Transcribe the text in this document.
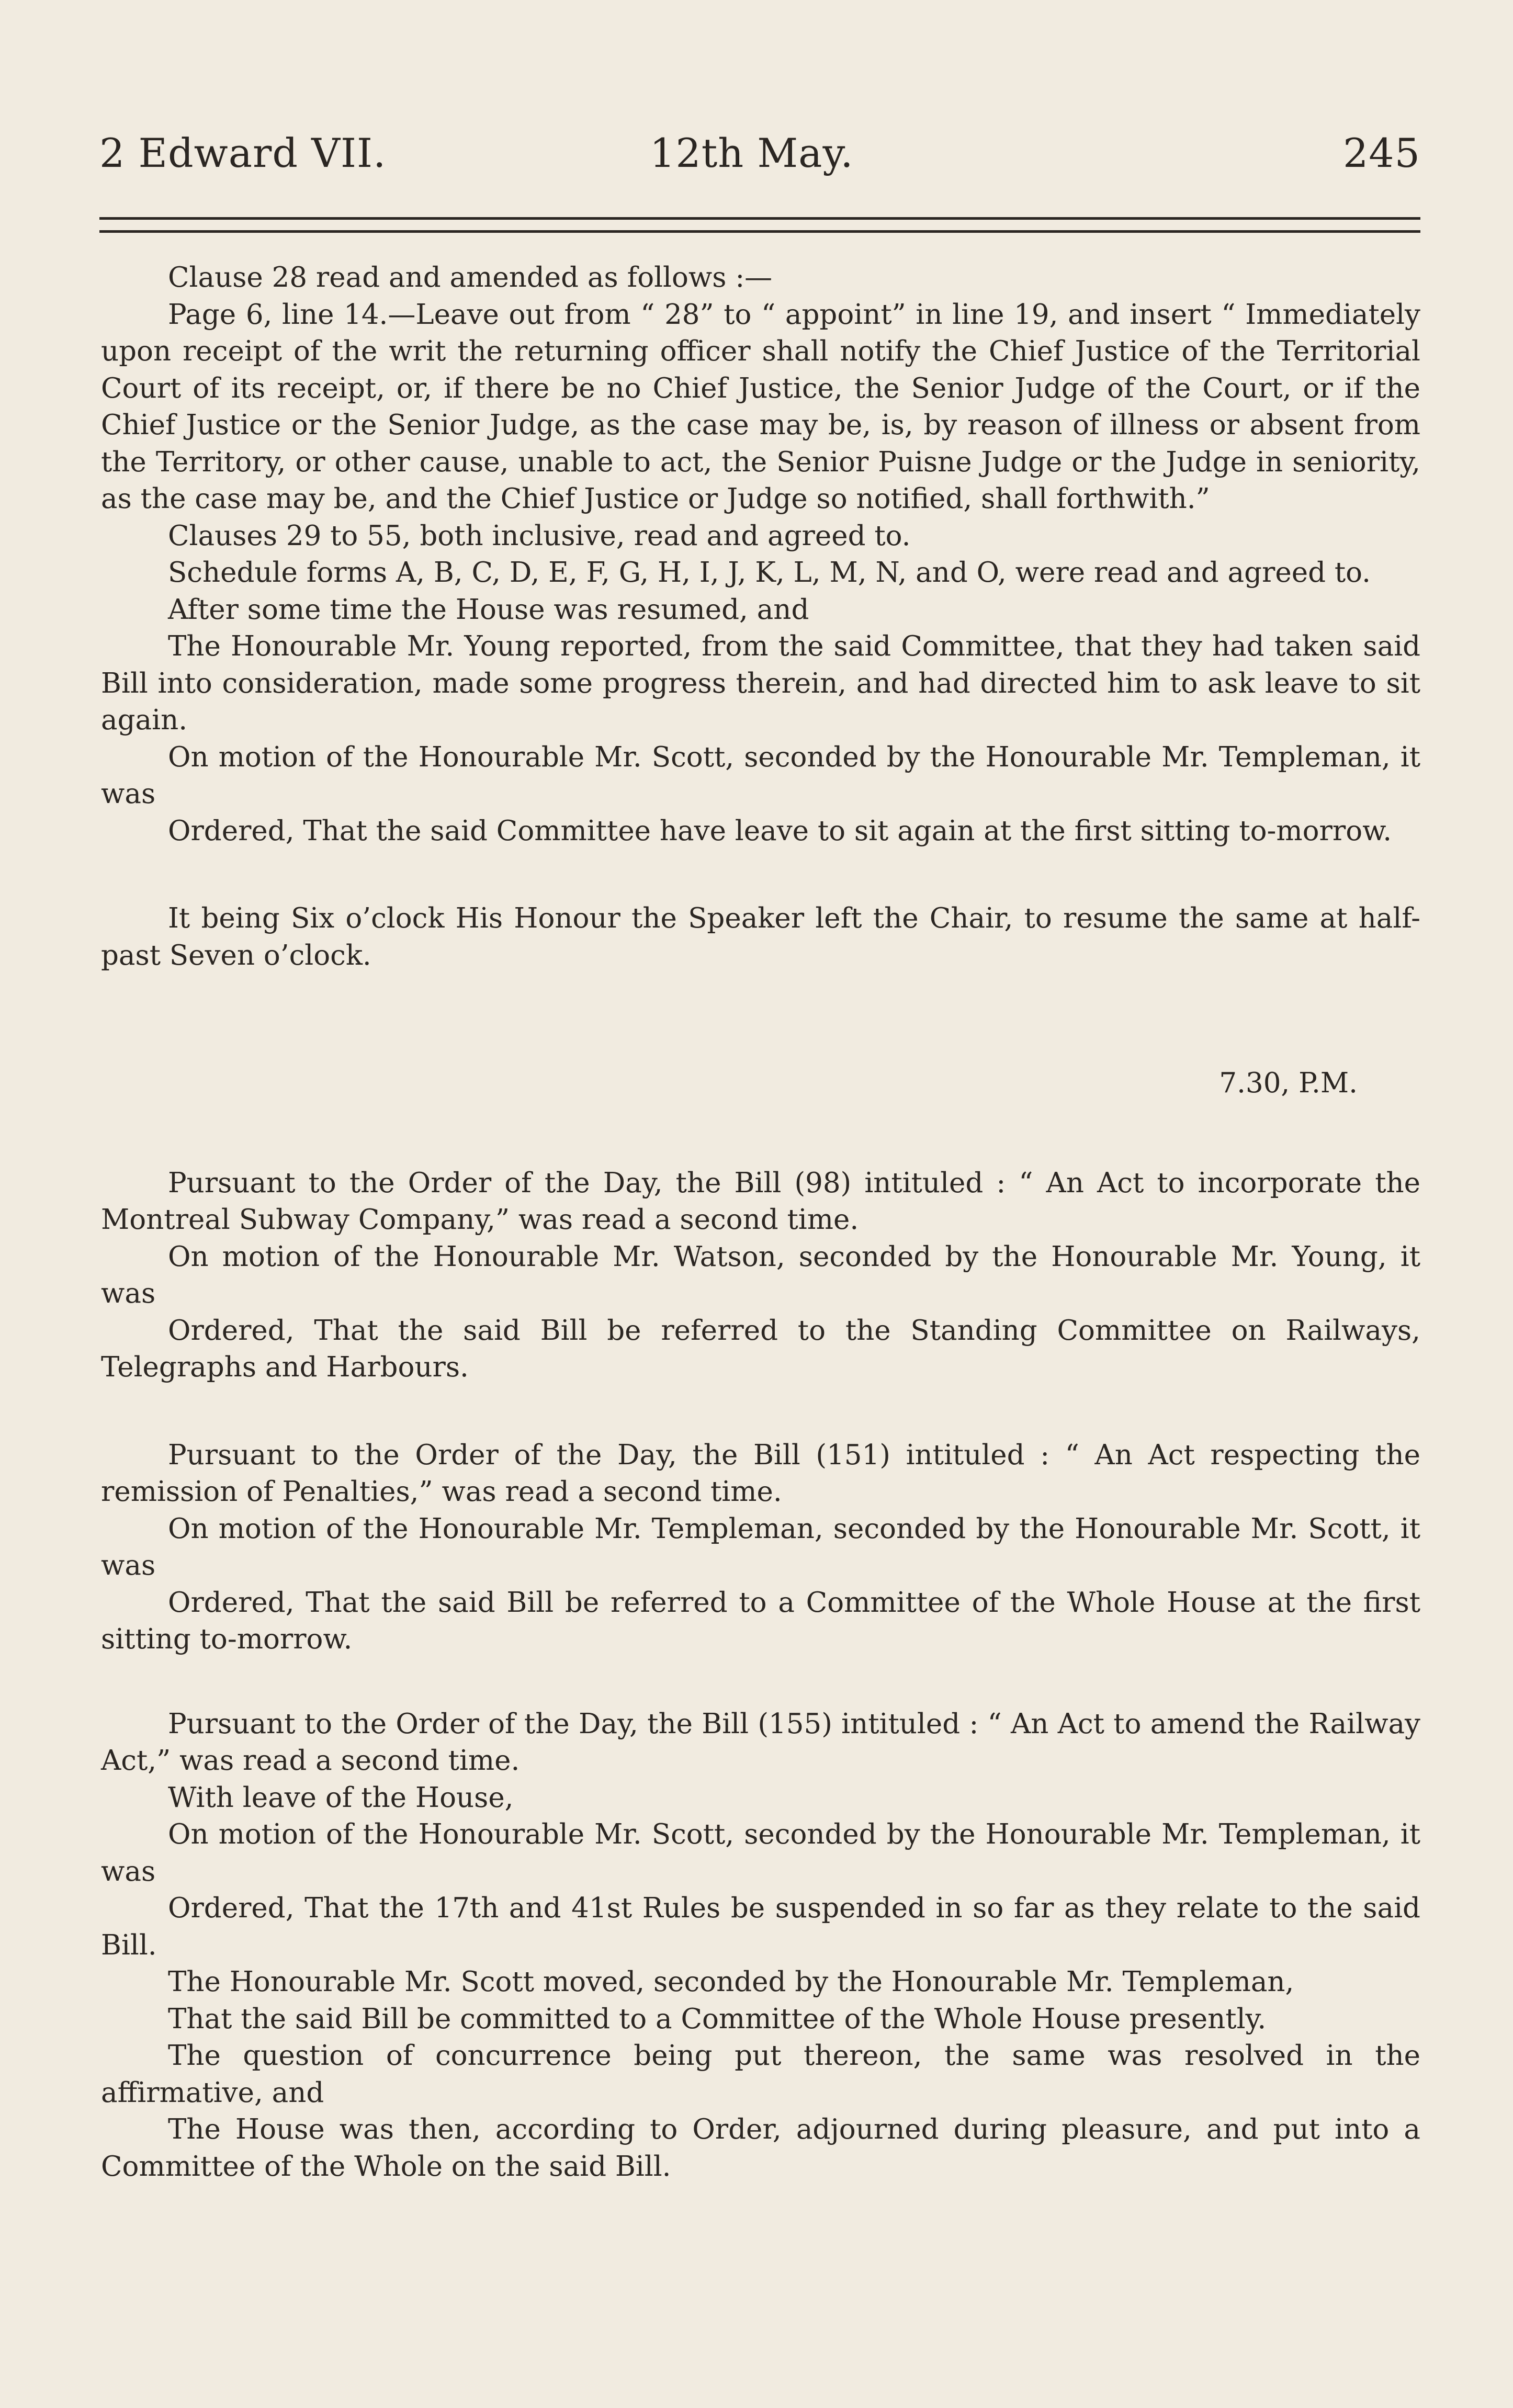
2 Edward VII.	12th May.	245

Clause 28 read and amended as follows :—

Page 6, line 14.—Leave out from “ 28” to “ appoint” in line 19, and insert “ Immediately upon receipt of the writ the returning officer shall notify the Chief Justice of the Territorial Court of its receipt, or, if there be no Chief Justice, the Senior Judge of the Court, or if the Chief Justice or the Senior Judge, as the case may be, is, by reason of illness or absent from the Territory, or other cause, unable to act, the Senior Puisne Judge or the Judge in seniority, as the case may be, and the Chief Justice or Judge so notified, shall forthwith.”

Clauses 29 to 55, both inclusive, read and agreed to.

Schedule forms A, B, C, D, E, F, G, H, I, J, K, L, M, N, and O, were read and agreed to.

After some time the House was resumed, and

The Honourable Mr. Young reported, from the said Committee, that they had taken said Bill into consideration, made some progress therein, and had directed him to ask leave to sit again.

On motion of the Honourable Mr. Scott, seconded by the Honourable Mr. Templeman, it was

Ordered, That the said Committee have leave to sit again at the first sitting to-morrow.

It being Six o’clock His Honour the Speaker left the Chair, to resume the same at half-past Seven o’clock.

7.30, P.M.

Pursuant to the Order of the Day, the Bill (98) intituled : “ An Act to incorporate the Montreal Subway Company,” was read a second time.

On motion of the Honourable Mr. Watson, seconded by the Honourable Mr. Young, it was

Ordered, That the said Bill be referred to the Standing Committee on Railways, Telegraphs and Harbours.

Pursuant to the Order of the Day, the Bill (151) intituled : “ An Act respecting the remission of Penalties,” was read a second time.

On motion of the Honourable Mr. Templeman, seconded by the Honourable Mr. Scott, it was

Ordered, That the said Bill be referred to a Committee of the Whole House at the first sitting to-morrow.

Pursuant to the Order of the Day, the Bill (155) intituled : “ An Act to amend the Railway Act,” was read a second time.

With leave of the House,

On motion of the Honourable Mr. Scott, seconded by the Honourable Mr. Templeman, it was

Ordered, That the 17th and 41st Rules be suspended in so far as they relate to the said Bill.

The Honourable Mr. Scott moved, seconded by the Honourable Mr. Templeman,

That the said Bill be committed to a Committee of the Whole House presently.

The question of concurrence being put thereon, the same was resolved in the affirmative, and

The House was then, according to Order, adjourned during pleasure, and put into a Committee of the Whole on the said Bill.
